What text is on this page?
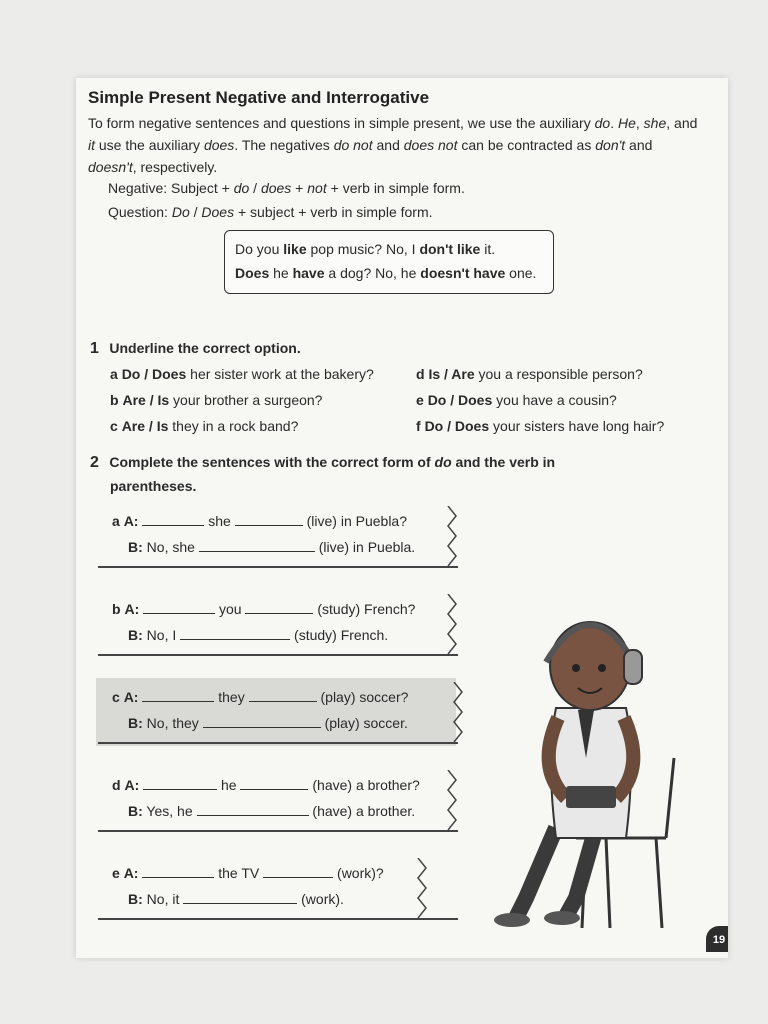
Simple Present Negative and Interrogative
To form negative sentences and questions in simple present, we use the auxiliary do. He, she, and it use the auxiliary does. The negatives do not and does not can be contracted as don't and doesn't, respectively.
Negative: Subject + do / does + not + verb in simple form.
Question: Do / Does + subject + verb in simple form.
Do you like pop music? No, I don't like it.
Does he have a dog? No, he doesn't have one.
1 Underline the correct option.
a Do / Does her sister work at the bakery?
b Are / Is your brother a surgeon?
c Are / Is they in a rock band?
d Is / Are you a responsible person?
e Do / Does you have a cousin?
f Do / Does your sisters have long hair?
2 Complete the sentences with the correct form of do and the verb in
parentheses.
a A:	she	(live) in Puebla?
B: No, she	(live) in Puebla.
b A:	you	(study) French?
B: No, I	(study) French.
c A:	they	(play) soccer?
B: No, they	(play) soccer.
d A:	he	(have) a brother?
B: Yes, he	(have) a brother.
e A:	the TV	(work)?
B: No, it	(work).
19
